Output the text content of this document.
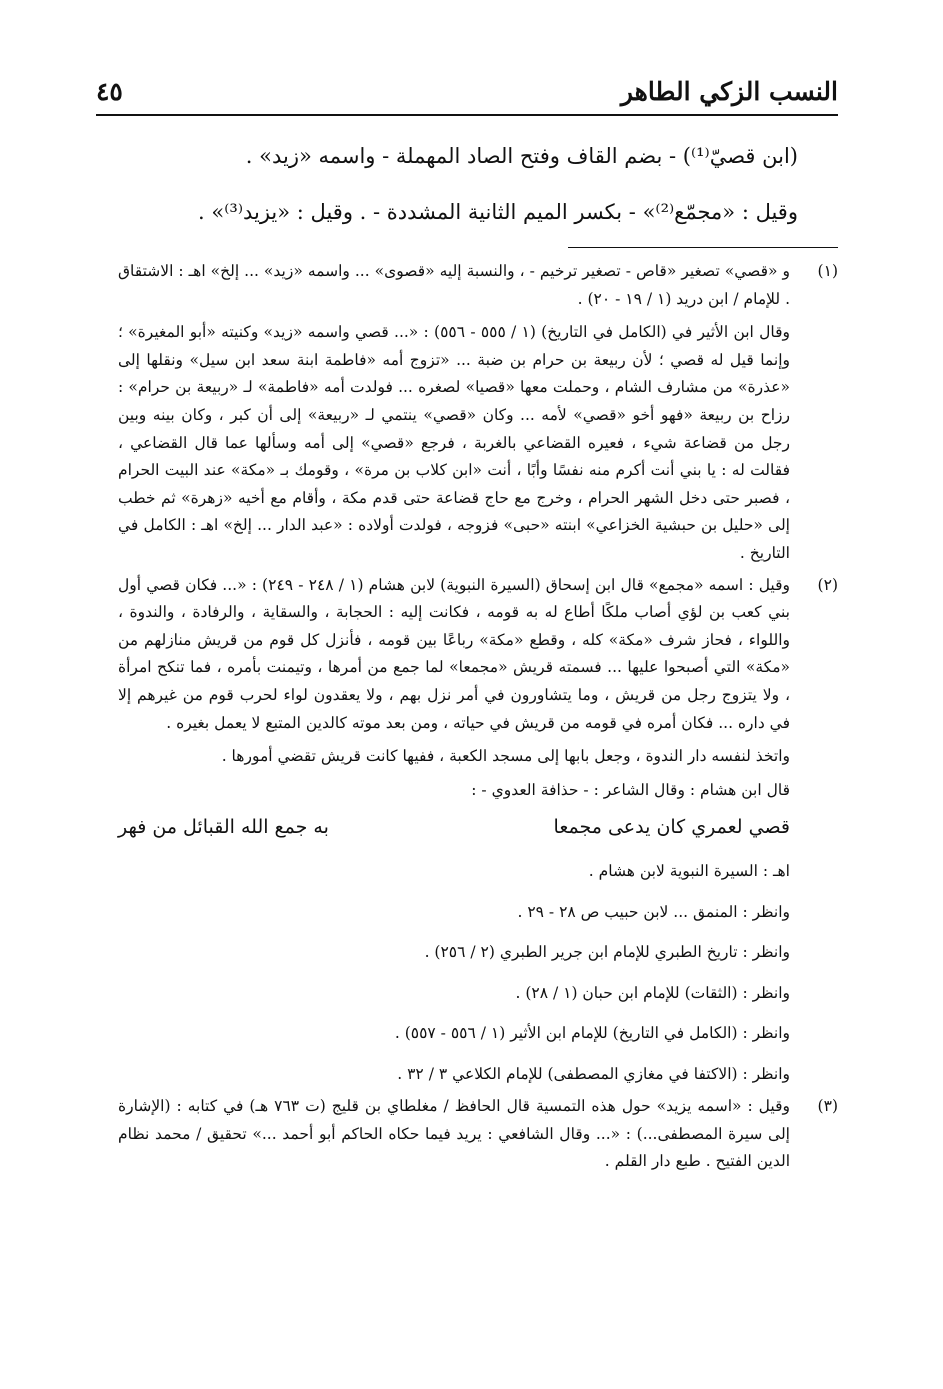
النسب الزكي الطاهر
٤٥

(ابن قصيّ⁽¹⁾) - بضم القاف وفتح الصاد المهملة - واسمه «زيد» .

وقيل : «مجمّع⁽²⁾» - بكسر الميم الثانية المشددة - . وقيل : «يزيد⁽³⁾» .

(١)

و «قصي» تصغير «قاص - تصغير ترخيم - ، والنسبة إليه «قصوى» ... واسمه «زيد» ... إلخ» اهـ : الاشتقاق . للإمام / ابن دريد (١ / ١٩ - ٢٠) .

وقال ابن الأثير في (الكامل في التاريخ) (١ / ٥٥٥ - ٥٥٦) : «... قصي واسمه «زيد» وكنيته «أبو المغيرة» ؛ وإنما قيل له قصي ؛ لأن ربيعة بن حرام بن ضبة ... «تزوج أمه «فاطمة ابنة سعد ابن سيل» ونقلها إلى «عذرة» من مشارف الشام ، وحملت معها «قصيا» لصغره ... فولدت أمه «فاطمة» لـ «ربيعة بن حرام» : رزاح بن ربيعة «فهو أخو «قصي» لأمه ... وكان «قصي» ينتمي لـ «ربيعة» إلى أن كبر ، وكان بينه وبين رجل من قضاعة شيء ، فعيره القضاعي بالغربة ، فرجع «قصي» إلى أمه وسألها عما قال القضاعي ، فقالت له : يا بني أنت أكرم منه نفسًا وأبًا ، أنت «ابن كلاب بن مرة» ، وقومك بـ «مكة» عند البيت الحرام ، فصبر حتى دخل الشهر الحرام ، وخرج مع حاج قضاعة حتى قدم مكة ، وأقام مع أخيه «زهرة» ثم خطب إلى «حليل بن حبشية الخزاعي» ابنته «حبى» فزوجه ، فولدت أولاده : «عبد الدار ... إلخ» اهـ : الكامل في التاريخ .

(٢)

وقيل : اسمه «مجمع» قال ابن إسحاق (السيرة النبوية) لابن هشام (١ / ٢٤٨ - ٢٤٩) : «... فكان قصي أول بني كعب بن لؤي أصاب ملكًا أطاع له به قومه ، فكانت إليه : الحجابة ، والسقاية ، والرفادة ، والندوة ، واللواء ، فحاز شرف «مكة» كله ، وقطع «مكة» رباعًا بين قومه ، فأنزل كل قوم من قريش منازلهم من «مكة» التي أصبحوا عليها ... فسمته قريش «مجمعا» لما جمع من أمرها ، وتيمنت بأمره ، فما تنكح امرأة ، ولا يتزوج رجل من قريش ، وما يتشاورون في أمر نزل بهم ، ولا يعقدون لواء لحرب قوم من غيرهم إلا في داره ... فكان أمره في قومه من قريش في حياته ، ومن بعد موته كالدين المتبع لا يعمل بغيره .

واتخذ لنفسه دار الندوة ، وجعل بابها إلى مسجد الكعبة ، ففيها كانت قريش تقضي أمورها .

قال ابن هشام : وقال الشاعر : - حذافة العدوي - :

قصي لعمري كان يدعى مجمعا
به جمع الله القبائل من فهر

اهـ : السيرة النبوية لابن هشام .

وانظر : المنمق ... لابن حبيب ص ٢٨ - ٢٩ .

وانظر : تاريخ الطبري للإمام ابن جرير الطبري (٢ / ٢٥٦) .

وانظر : (الثقات) للإمام ابن حبان (١ / ٢٨) .

وانظر : (الكامل في التاريخ) للإمام ابن الأثير (١ / ٥٥٦ - ٥٥٧) .

وانظر : (الاكتفا في مغازي المصطفى) للإمام الكلاعي ٣ / ٣٢ .

(٣)

وقيل : «اسمه يزيد» حول هذه التمسية قال الحافظ / مغلطاي بن قليج (ت ٧٦٣ هـ) في كتابه : (الإشارة إلى سيرة المصطفى...) : «... وقال الشافعي : يريد فيما حكاه الحاكم أبو أحمد ...» تحقيق / محمد نظام الدين الفتيح . طبع دار القلم .
